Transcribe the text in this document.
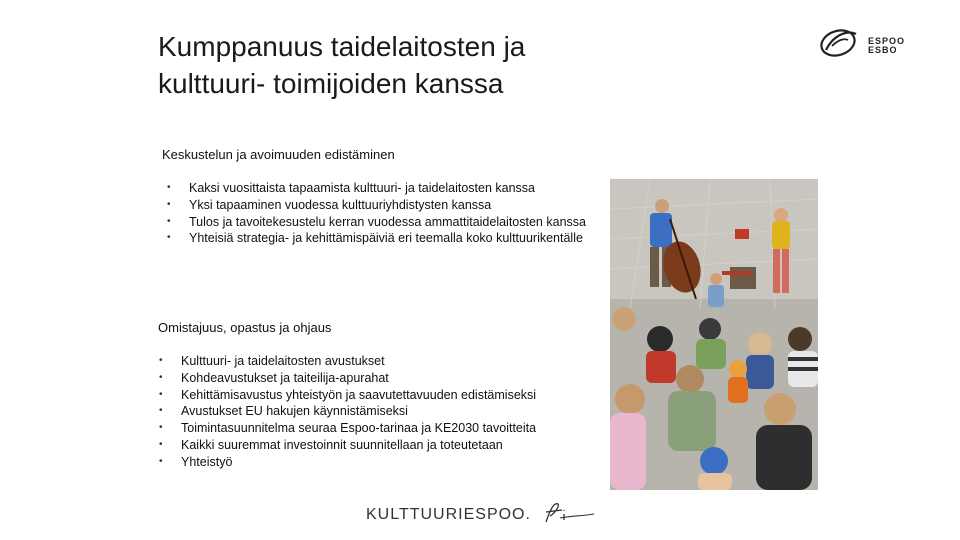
Kumppanuus taidelaitosten ja
kulttuuri- toimijoiden kanssa
ESPOO
ESBO

Keskustelun ja avoimuuden edistäminen

• Kaksi vuosittaista tapaamista kulttuuri- ja taidelaitosten kanssa
• Yksi tapaaminen vuodessa kulttuuriyhdistysten kanssa
• Tulos ja tavoitekesustelu kerran vuodessa ammattitaidelaitosten kanssa
• Yhteisiä strategia- ja kehittämispäiviä eri teemalla koko kulttuurikentälle

Omistajuus, opastus ja ohjaus

• Kulttuuri- ja taidelaitosten avustukset
• Kohdeavustukset ja taiteilija-apurahat
• Kehittämisavustus yhteistyön ja saavutettavuuden edistämiseksi
• Avustukset EU hakujen käynnistämiseksi
• Toimintasuunnitelma seuraa Espoo-tarinaa ja KE2030 tavoitteita
• Kaikki suuremmat investoinnit suunnitellaan ja toteutetaan
• Yhteistyö
KULTTUURIESPOO.
